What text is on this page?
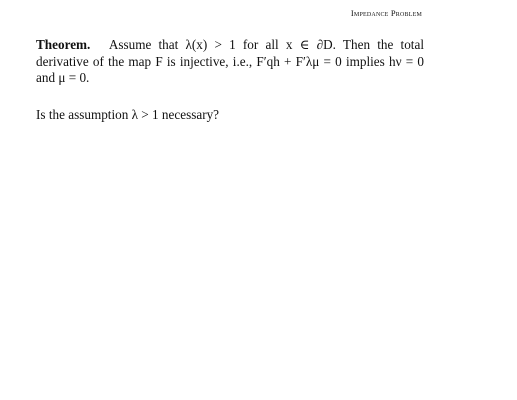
Impedance Problem

Theorem. Assume that λ(x) > 1 for all x ∈ ∂D. Then the total derivative of the map F is injective, i.e., F′qh + F′λμ = 0 implies hν = 0 and μ = 0.

Is the assumption λ > 1 necessary?
